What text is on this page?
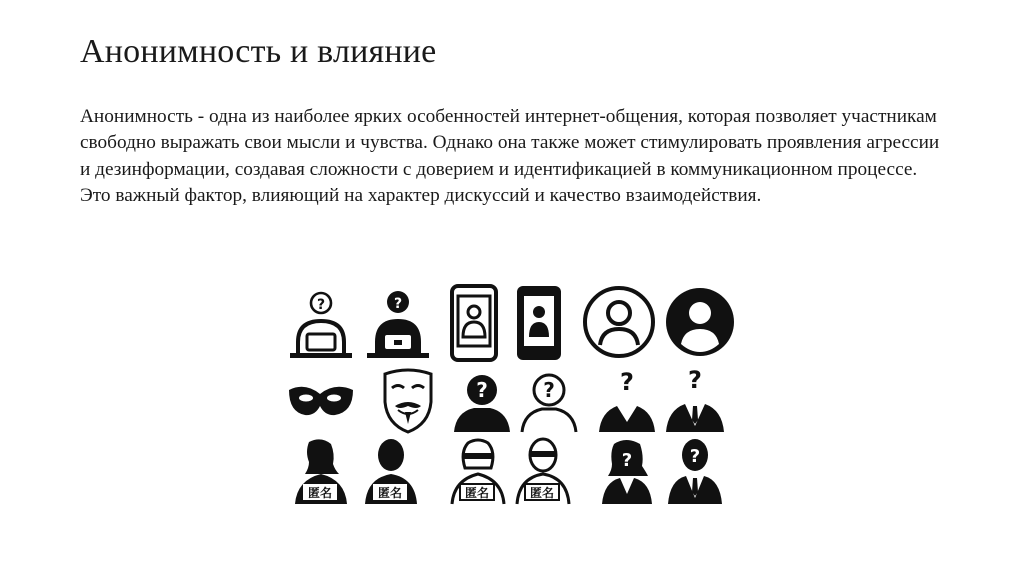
Анонимность и влияние

Анонимность - одна из наиболее ярких особенностей интернет-общения, которая позволяет участникам свободно выражать свои мысли и чувства. Однако она также может стимулировать проявления агрессии и дезинформации, создавая сложности с доверием и идентификацией в коммуникационном процессе. Это важный фактор, влияющий на характер дискуссий и качество взаимодействия.

?
?	?
?	?	? ?
匿名	匿名	匿名	匿名
?	?
